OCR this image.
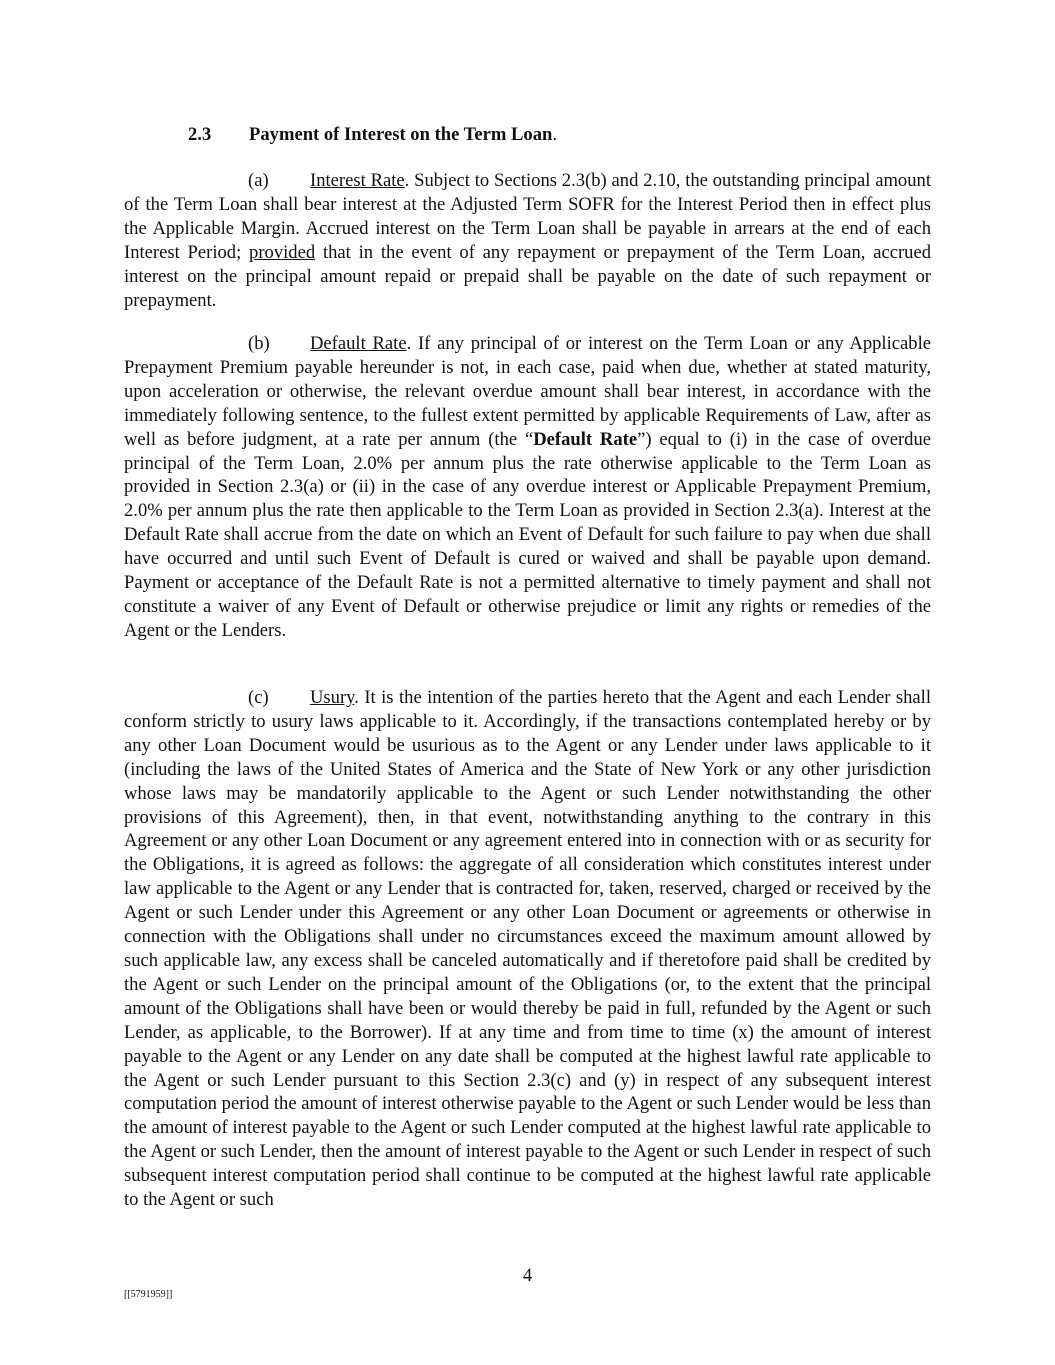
2.3 Payment of Interest on the Term Loan.

(a) Interest Rate. Subject to Sections 2.3(b) and 2.10, the outstanding principal amount of the Term Loan shall bear interest at the Adjusted Term SOFR for the Interest Period then in effect plus the Applicable Margin. Accrued interest on the Term Loan shall be payable in arrears at the end of each Interest Period; provided that in the event of any repayment or prepayment of the Term Loan, accrued interest on the principal amount repaid or prepaid shall be payable on the date of such repayment or prepayment.

(b) Default Rate. If any principal of or interest on the Term Loan or any Applicable Prepayment Premium payable hereunder is not, in each case, paid when due, whether at stated maturity, upon acceleration or otherwise, the relevant overdue amount shall bear interest, in accordance with the immediately following sentence, to the fullest extent permitted by applicable Requirements of Law, after as well as before judgment, at a rate per annum (the “Default Rate”) equal to (i) in the case of overdue principal of the Term Loan, 2.0% per annum plus the rate otherwise applicable to the Term Loan as provided in Section 2.3(a) or (ii) in the case of any overdue interest or Applicable Prepayment Premium, 2.0% per annum plus the rate then applicable to the Term Loan as provided in Section 2.3(a). Interest at the Default Rate shall accrue from the date on which an Event of Default for such failure to pay when due shall have occurred and until such Event of Default is cured or waived and shall be payable upon demand. Payment or acceptance of the Default Rate is not a permitted alternative to timely payment and shall not constitute a waiver of any Event of Default or otherwise prejudice or limit any rights or remedies of the Agent or the Lenders.

(c) Usury. It is the intention of the parties hereto that the Agent and each Lender shall conform strictly to usury laws applicable to it. Accordingly, if the transactions contemplated hereby or by any other Loan Document would be usurious as to the Agent or any Lender under laws applicable to it (including the laws of the United States of America and the State of New York or any other jurisdiction whose laws may be mandatorily applicable to the Agent or such Lender notwithstanding the other provisions of this Agreement), then, in that event, notwithstanding anything to the contrary in this Agreement or any other Loan Document or any agreement entered into in connection with or as security for the Obligations, it is agreed as follows: the aggregate of all consideration which constitutes interest under law applicable to the Agent or any Lender that is contracted for, taken, reserved, charged or received by the Agent or such Lender under this Agreement or any other Loan Document or agreements or otherwise in connection with the Obligations shall under no circumstances exceed the maximum amount allowed by such applicable law, any excess shall be canceled automatically and if theretofore paid shall be credited by the Agent or such Lender on the principal amount of the Obligations (or, to the extent that the principal amount of the Obligations shall have been or would thereby be paid in full, refunded by the Agent or such Lender, as applicable, to the Borrower). If at any time and from time to time (x) the amount of interest payable to the Agent or any Lender on any date shall be computed at the highest lawful rate applicable to the Agent or such Lender pursuant to this Section 2.3(c) and (y) in respect of any subsequent interest computation period the amount of interest otherwise payable to the Agent or such Lender would be less than the amount of interest payable to the Agent or such Lender computed at the highest lawful rate applicable to the Agent or such Lender, then the amount of interest payable to the Agent or such Lender in respect of such subsequent interest computation period shall continue to be computed at the highest lawful rate applicable to the Agent or such

4
[[5791959]]
